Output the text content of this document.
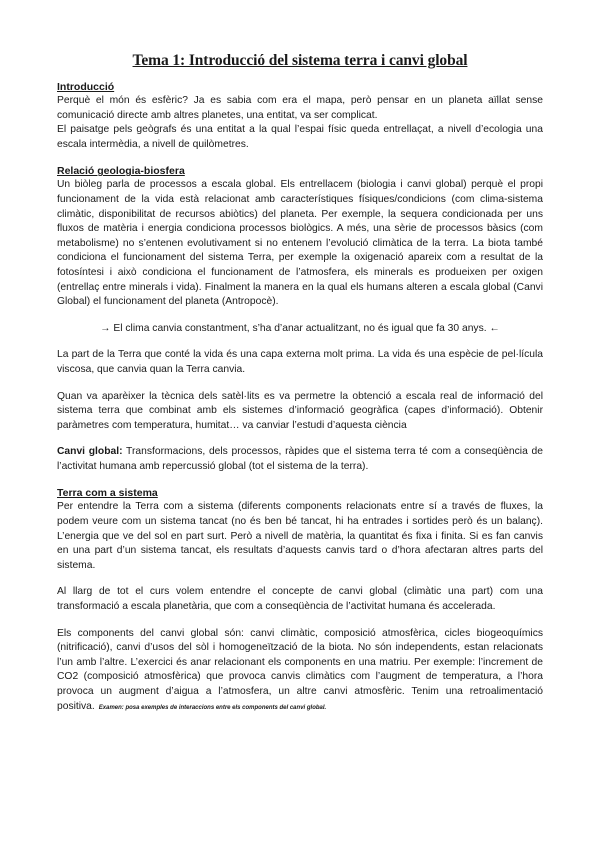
Tema 1: Introducció del sistema terra i canvi global
Introducció

Perquè el món és esfèric? Ja es sabia com era el mapa, però pensar en un planeta aïllat sense comunicació directe amb altres planetes, una entitat, va ser complicat.

El paisatge pels geògrafs és una entitat a la qual l’espai físic queda entrellaçat, a nivell d’ecologia una escala intermèdia, a nivell de quilòmetres.

Relació geologia-biosfera

Un biòleg parla de processos a escala global. Els entrellacem (biologia i canvi global) perquè el propi funcionament de la vida està relacionat amb característiques físiques/condicions (com clima-sistema climàtic, disponibilitat de recursos abiòtics) del planeta. Per exemple, la sequera condicionada per uns fluxos de matèria i energia condiciona processos biològics. A més, una sèrie de processos bàsics (com metabolisme) no s’entenen evolutivament si no entenem l’evolució climàtica de la terra. La biota també condiciona el funcionament del sistema Terra, per exemple la oxigenació apareix com a resultat de la fotosíntesi i això condiciona el funcionament de l’atmosfera, els minerals es produeixen per oxigen (entrellaç entre minerals i vida). Finalment la manera en la qual els humans alteren a escala global (Canvi Global) el funcionament del planeta (Antropocè).

→ El clima canvia constantment, s’ha d’anar actualitzant, no és igual que fa 30 anys. ←

La part de la Terra que conté la vida és una capa externa molt prima. La vida és una espècie de pel·lícula viscosa, que canvia quan la Terra canvia.

Quan va aparèixer la tècnica dels satèl·lits es va permetre la obtenció a escala real de informació del sistema terra que combinat amb els sistemes d’informació geogràfica (capes d’informació). Obtenir paràmetres com temperatura, humitat… va canviar l’estudi d’aquesta ciència

Canvi global: Transformacions, dels processos, ràpides que el sistema terra té com a conseqüència de l’activitat humana amb repercussió global (tot el sistema de la terra).

Terra com a sistema

Per entendre la Terra com a sistema (diferents components relacionats entre sí a través de fluxes, la podem veure com un sistema tancat (no és ben bé tancat, hi ha entrades i sortides però és un balanç). L’energia que ve del sol en part surt. Però a nivell de matèria, la quantitat és fixa i finita. Si es fan canvis en una part d’un sistema tancat, els resultats d’aquests canvis tard o d’hora afectaran altres parts del sistema.

Al llarg de tot el curs volem entendre el concepte de canvi global (climàtic una part) com una transformació a escala planetària, que com a conseqüència de l’activitat humana és accelerada.

Els components del canvi global són: canvi climàtic, composició atmosfèrica, cicles biogeoquímics (nitrificació), canvi d’usos del sòl i homogeneïtzació de la biota. No són independents, estan relacionats l’un amb l’altre. L’exercici és anar relacionant els components en una matriu. Per exemple: l’increment de CO2 (composició atmosfèrica) que provoca canvis climàtics com l’augment de temperatura, a l’hora provoca un augment d’aigua a l’atmosfera, un altre canvi atmosfèric. Tenim una retroalimentació positiva. Examen: posa exemples de interaccions entre els components del canvi global.
